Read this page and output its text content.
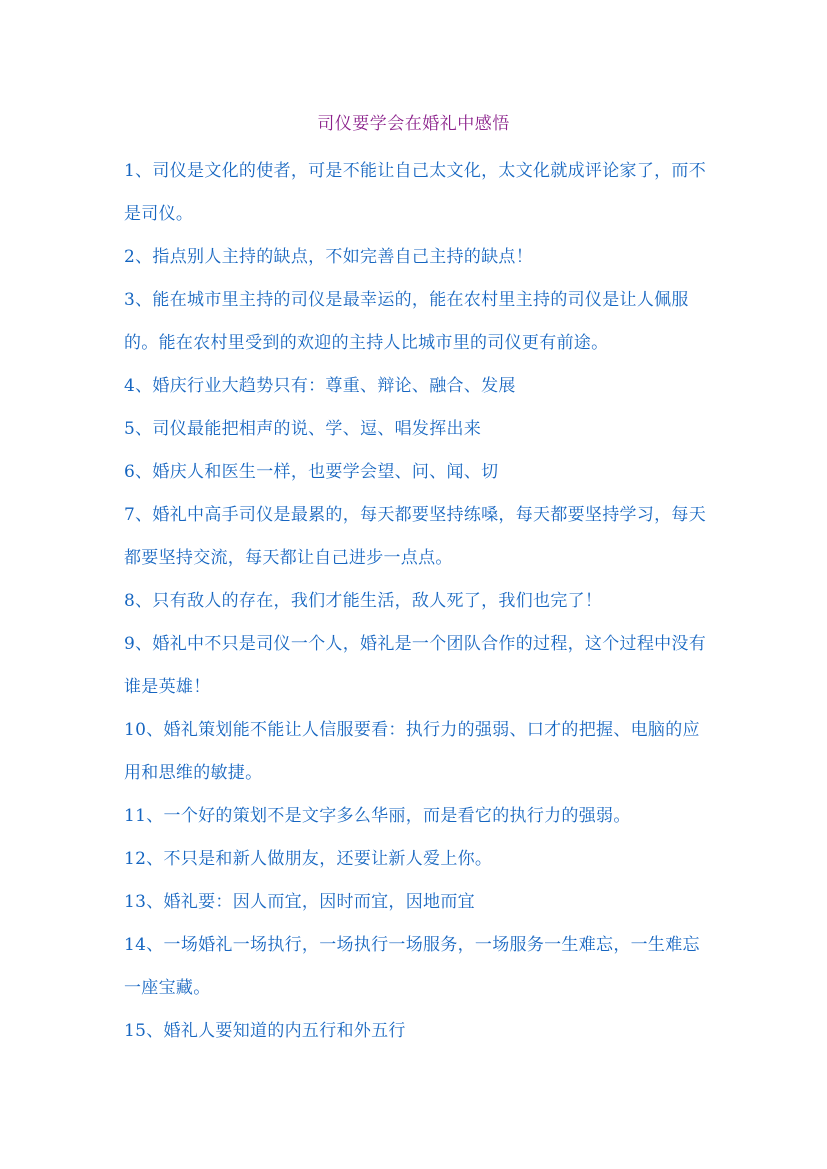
司仪要学会在婚礼中感悟

1、司仪是文化的使者，可是不能让自己太文化，太文化就成评论家了，而不是司仪。

2、指点别人主持的缺点，不如完善自己主持的缺点！

3、能在城市里主持的司仪是最幸运的，能在农村里主持的司仪是让人佩服的。能在农村里受到的欢迎的主持人比城市里的司仪更有前途。

4、婚庆行业大趋势只有：尊重、辩论、融合、发展

5、司仪最能把相声的说、学、逗、唱发挥出来

6、婚庆人和医生一样，也要学会望、问、闻、切

7、婚礼中高手司仪是最累的，每天都要坚持练嗓，每天都要坚持学习，每天都要坚持交流，每天都让自己进步一点点。

8、只有敌人的存在，我们才能生活，敌人死了，我们也完了！

9、婚礼中不只是司仪一个人，婚礼是一个团队合作的过程，这个过程中没有谁是英雄！

10、婚礼策划能不能让人信服要看：执行力的强弱、口才的把握、电脑的应用和思维的敏捷。

11、一个好的策划不是文字多么华丽，而是看它的执行力的强弱。

12、不只是和新人做朋友，还要让新人爱上你。

13、婚礼要：因人而宜，因时而宜，因地而宜

14、一场婚礼一场执行，一场执行一场服务，一场服务一生难忘，一生难忘一座宝藏。

15、婚礼人要知道的内五行和外五行
